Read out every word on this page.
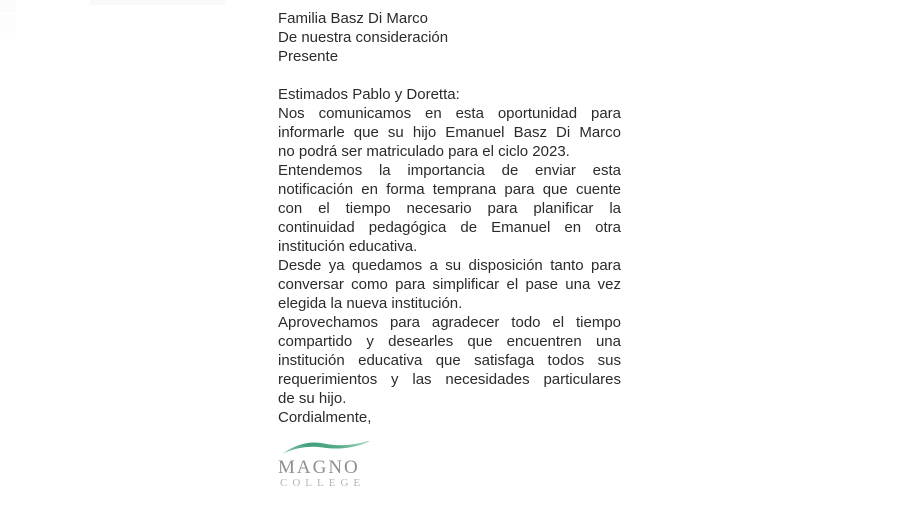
Familia Basz Di Marco
De nuestra consideración
Presente
Estimados Pablo y Doretta:
Nos comunicamos en esta oportunidad para
informarle que su hijo Emanuel Basz Di Marco
no podrá ser matriculado para el ciclo 2023.
Entendemos la importancia de enviar esta
notificación en forma temprana para que cuente
con el tiempo necesario para planificar la
continuidad pedagógica de Emanuel en otra
institución educativa.
Desde ya quedamos a su disposición tanto para
conversar como para simplificar el pase una vez
elegida la nueva institución.
Aprovechamos para agradecer todo el tiempo
compartido y desearles que encuentren una
institución educativa que satisfaga todos sus
requerimientos y las necesidades particulares
de su hijo.
Cordialmente,
MAGNO
COLLEGE
